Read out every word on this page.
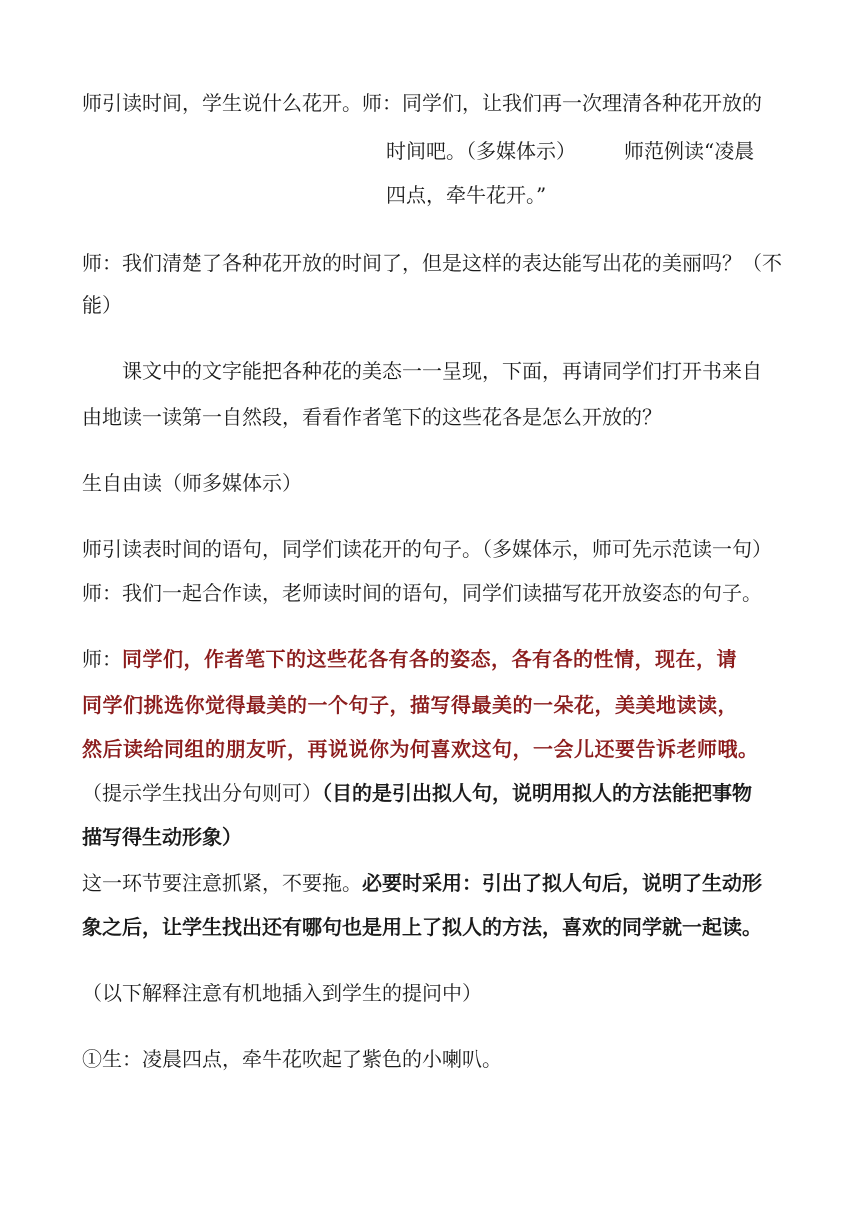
师引读时间，学生说什么花开。师：同学们，让我们再一次理清各种花开放的
时间吧。（多媒体示） 师范例读“凌晨
四点，牵牛花开。”
师：我们清楚了各种花开放的时间了，但是这样的表达能写出花的美丽吗？（不
能）
课文中的文字能把各种花的美态一一呈现，下面，再请同学们打开书来自
由地读一读第一自然段，看看作者笔下的这些花各是怎么开放的？
生自由读（师多媒体示）
师引读表时间的语句，同学们读花开的句子。（多媒体示，师可先示范读一句）
师：我们一起合作读，老师读时间的语句，同学们读描写花开放姿态的句子。
师：同学们，作者笔下的这些花各有各的姿态，各有各的性情，现在，请
同学们挑选你觉得最美的一个句子，描写得最美的一朵花，美美地读读，
然后读给同组的朋友听，再说说你为何喜欢这句，一会儿还要告诉老师哦。
（提示学生找出分句则可）（目的是引出拟人句，说明用拟人的方法能把事物
描写得生动形象）
这一环节要注意抓紧，不要拖。必要时采用：引出了拟人句后，说明了生动形
象之后，让学生找出还有哪句也是用上了拟人的方法，喜欢的同学就一起读。
（以下解释注意有机地插入到学生的提问中）
①生：凌晨四点，牵牛花吹起了紫色的小喇叭。
